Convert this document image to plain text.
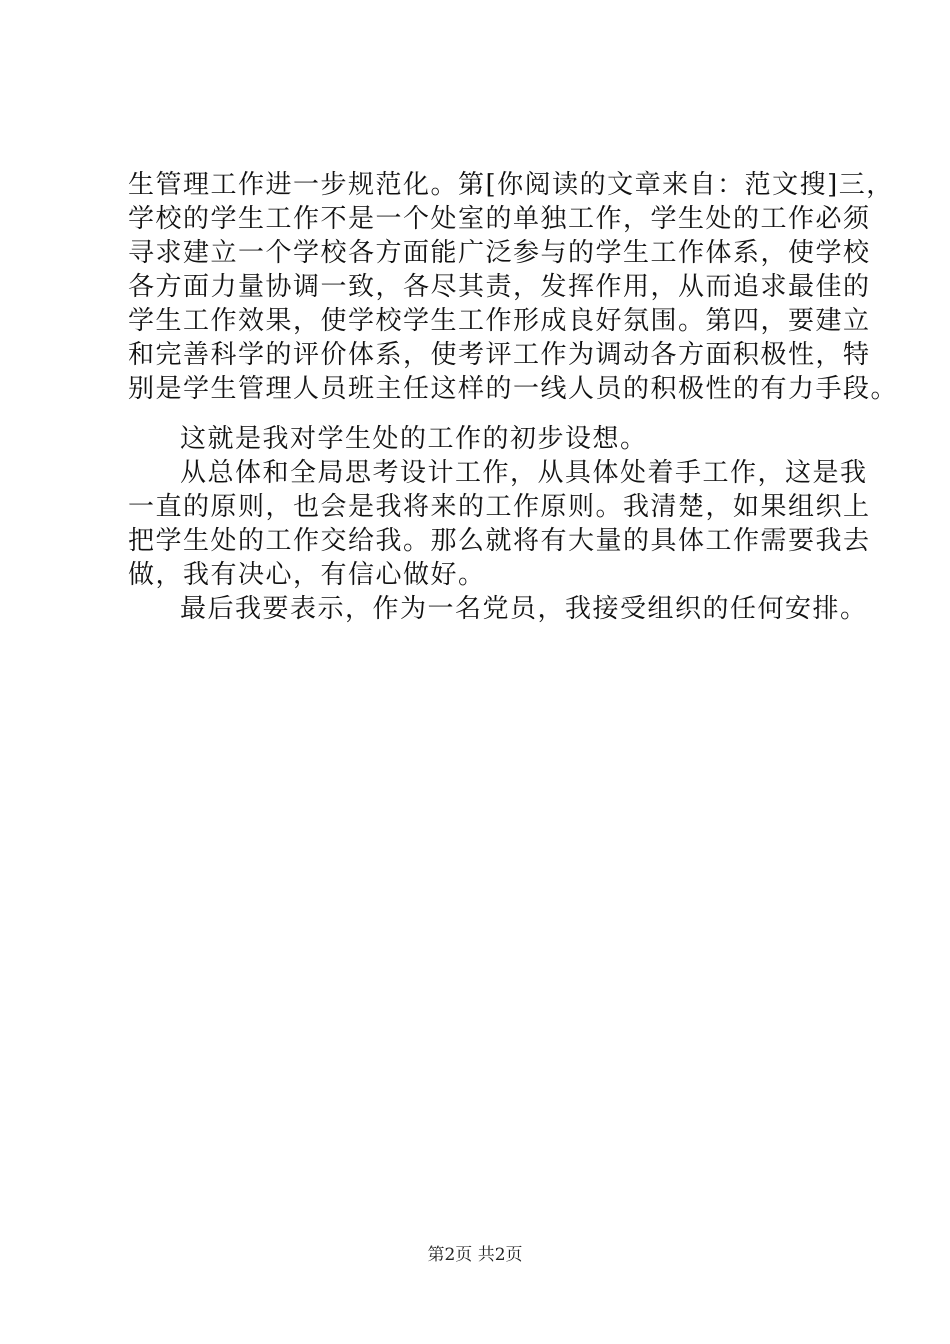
生管理工作进一步规范化。第[你阅读的文章来自：范文搜]三，
学校的学生工作不是一个处室的单独工作，学生处的工作必须
寻求建立一个学校各方面能广泛参与的学生工作体系，使学校
各方面力量协调一致，各尽其责，发挥作用，从而追求最佳的
学生工作效果，使学校学生工作形成良好氛围。第四，要建立
和完善科学的评价体系，使考评工作为调动各方面积极性，特
别是学生管理人员班主任这样的一线人员的积极性的有力手段。
这就是我对学生处的工作的初步设想。
从总体和全局思考设计工作，从具体处着手工作，这是我
一直的原则，也会是我将来的工作原则。我清楚，如果组织上
把学生处的工作交给我。那么就将有大量的具体工作需要我去
做，我有决心，有信心做好。
最后我要表示，作为一名党员，我接受组织的任何安排。
第2页 共2页
